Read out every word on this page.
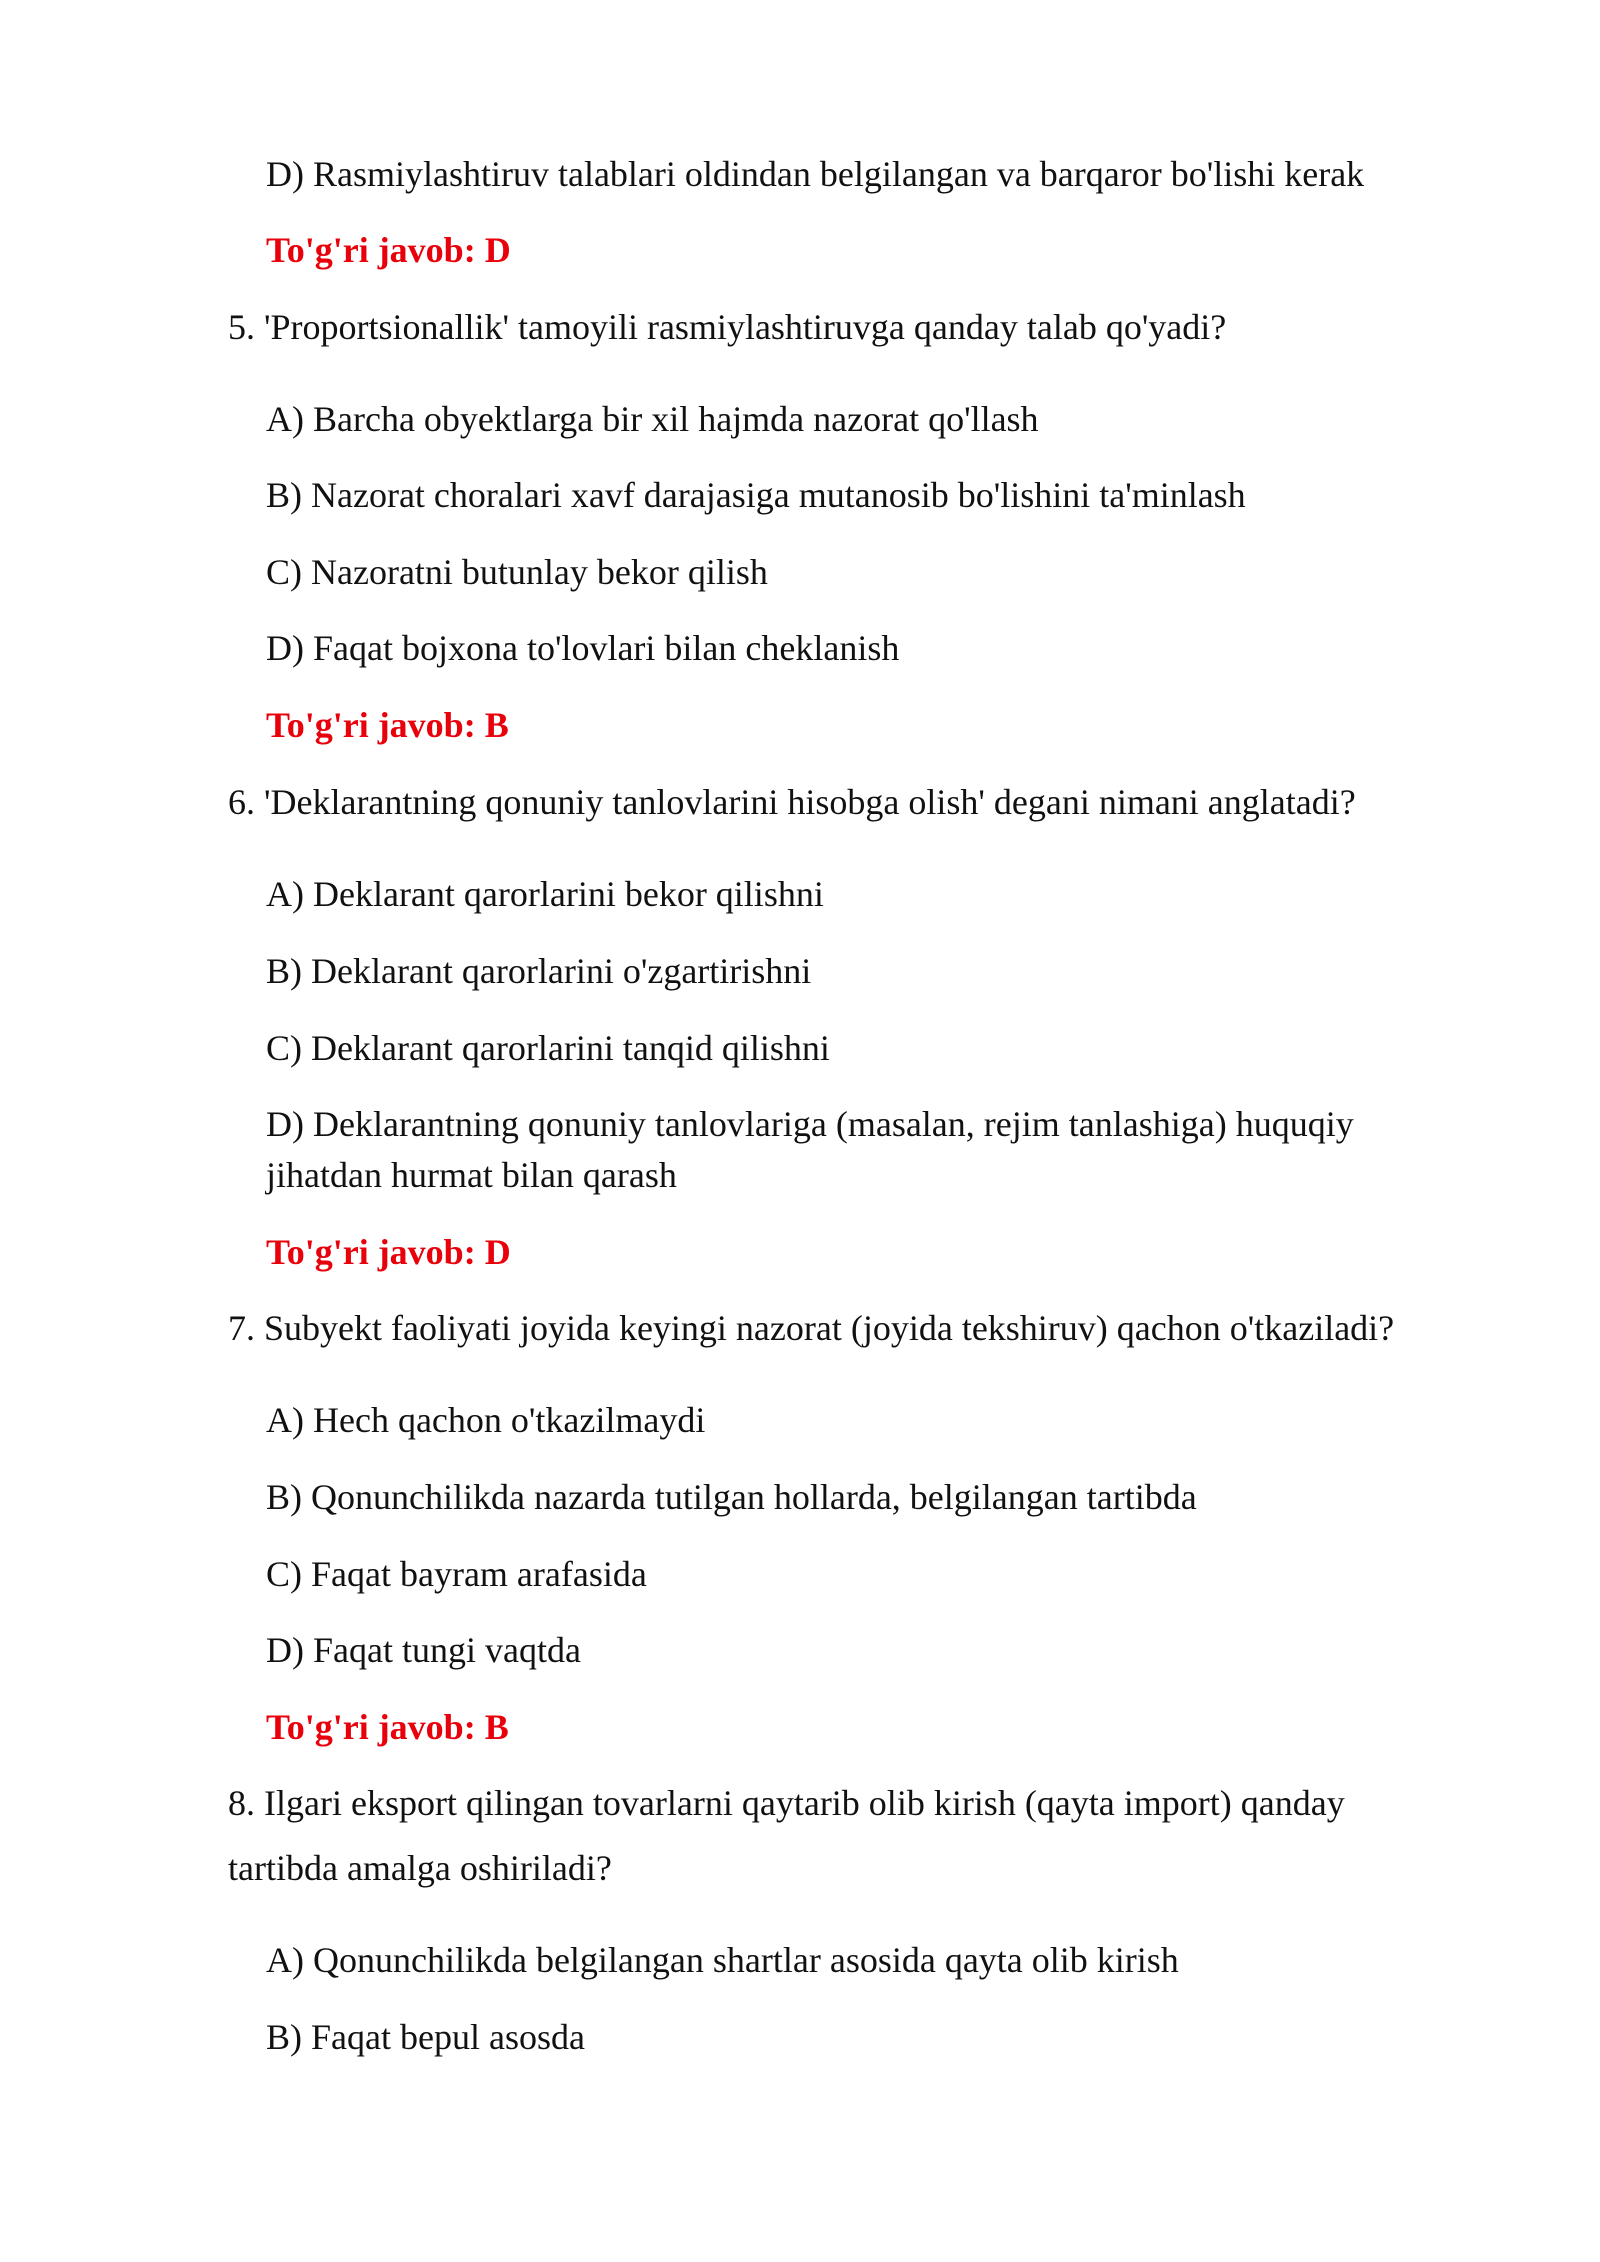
D) Rasmiylashtiruv talablari oldindan belgilangan va barqaror bo'lishi kerak
To'g'ri javob: D
5. 'Proportsionallik' tamoyili rasmiylashtiruvga qanday talab qo'yadi?
A) Barcha obyektlarga bir xil hajmda nazorat qo'llash
B) Nazorat choralari xavf darajasiga mutanosib bo'lishini ta'minlash
C) Nazoratni butunlay bekor qilish
D) Faqat bojxona to'lovlari bilan cheklanish
To'g'ri javob: B
6. 'Deklarantning qonuniy tanlovlarini hisobga olish' degani nimani anglatadi?
A) Deklarant qarorlarini bekor qilishni
B) Deklarant qarorlarini o'zgartirishni
C) Deklarant qarorlarini tanqid qilishni
D) Deklarantning qonuniy tanlovlariga (masalan, rejim tanlashiga) huquqiy
jihatdan hurmat bilan qarash
To'g'ri javob: D
7. Subyekt faoliyati joyida keyingi nazorat (joyida tekshiruv) qachon o'tkaziladi?
A) Hech qachon o'tkazilmaydi
B) Qonunchilikda nazarda tutilgan hollarda, belgilangan tartibda
C) Faqat bayram arafasida
D) Faqat tungi vaqtda
To'g'ri javob: B
8. Ilgari eksport qilingan tovarlarni qaytarib olib kirish (qayta import) qanday
tartibda amalga oshiriladi?
A) Qonunchilikda belgilangan shartlar asosida qayta olib kirish
B) Faqat bepul asosda
